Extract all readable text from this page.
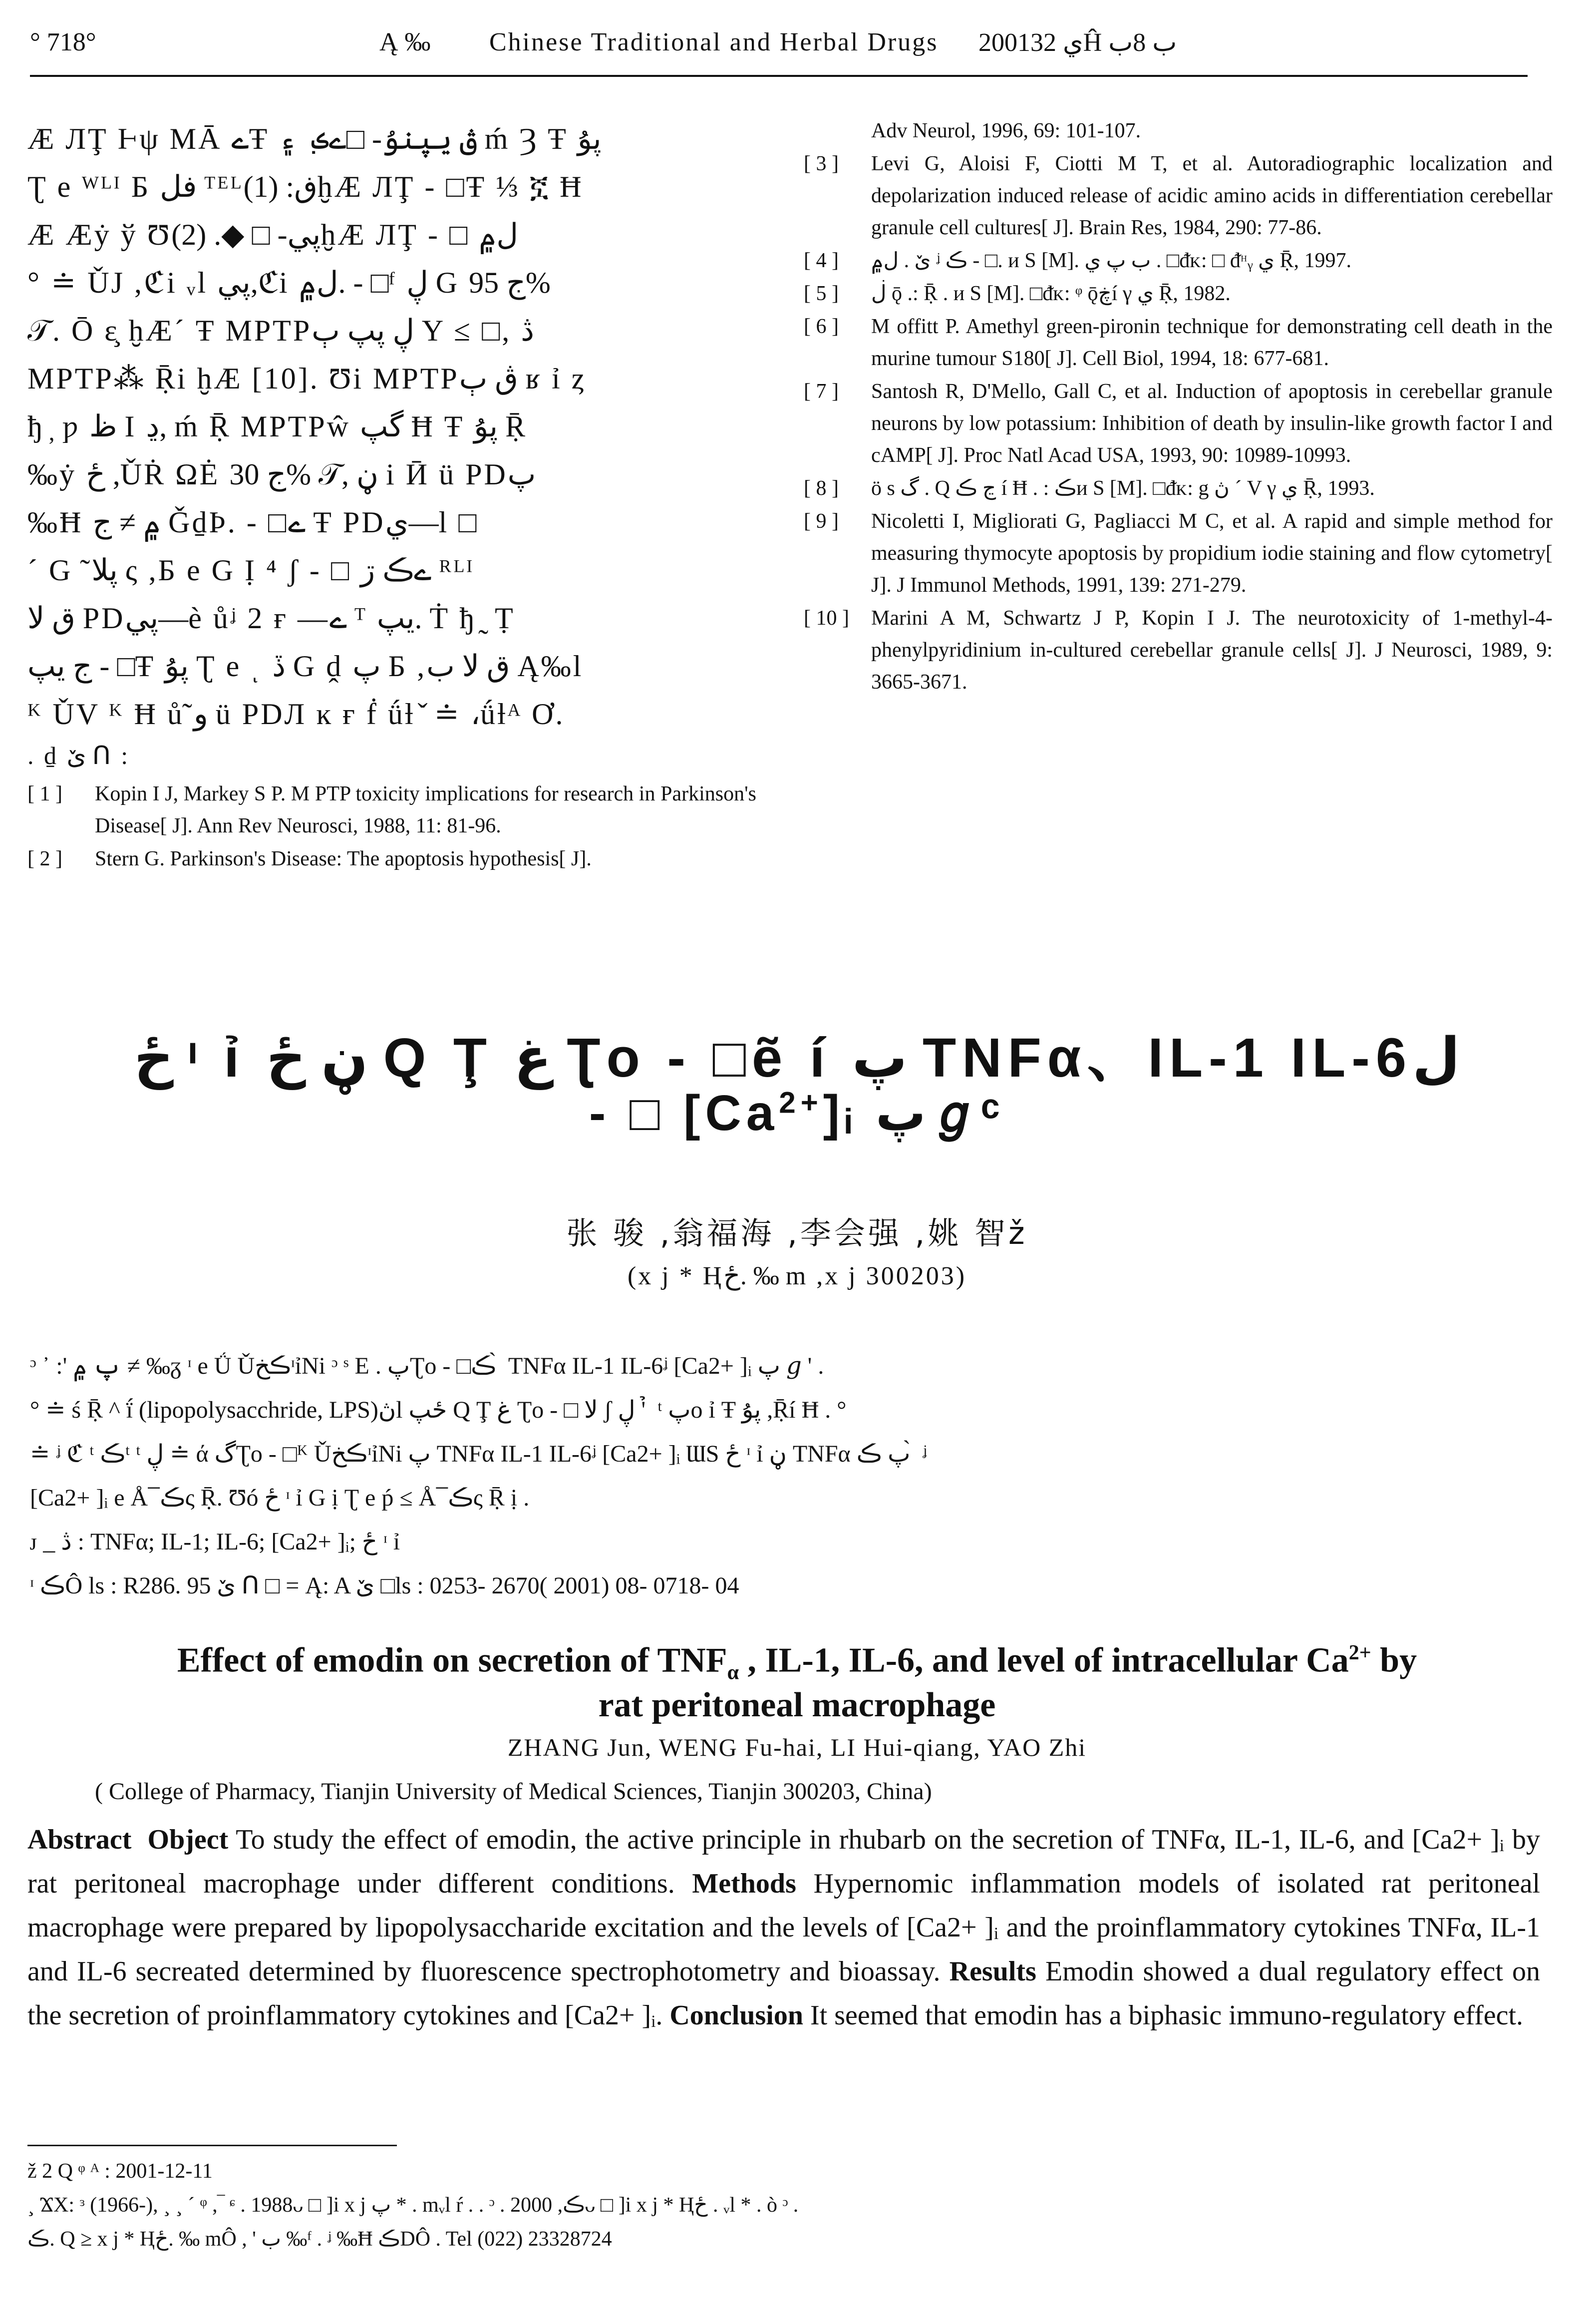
° 718°	Ą ‰ Chinese Traditional and Herbal Drugs 2001ي 32Ĥ ب 8ب
Æ ЛŢ Ⱶψ MĀ ےŦ ڨ يپنۇ- □ےڪ ݂ ۽ ḿ Ȝ Ŧ ڽۇ
Ʈ e ᵂᴸᴵ Ƃ ڧل ᵀᴱᴸڧ: (1)ḫÆ ЛŢ - □Ŧ ⅓ ኟ Ħ
Æ Æẏ ў Ʊپي- □ ◆. (2)ḫÆ ЛŢ - □ ل۾
° ≐ ǓJ ,ℭi ᵥl پي,ℭi ل۾. - □ᶠ ڸ G ج 95%
𝒯. Ō ɛ̧ ḫÆ´ Ŧ MPTPڸ ڽپ ٻ Y ≤ □, ڎ
MPTP⁂ Ṝi ḫÆ [10]. Ʊi MPTPڨ ٻ ʁ ỉ ȥ
ђ ̦ ƿ ظ I ڍ, ḿ Ṝ MPTPŵ گپ Ħ Ŧ ڽۇ Ṝ
‰ẏ ځ ,ǓṘ ΩĖ ج 30% 𝒯, ڼ i Ӣ ü PDپ
‰Ħ ۾ ≠ ج ǦḏÞ. - □ے Ŧ PDي—l □
´ G ̃ پلا ς ,Ƃ e G Ị ⁴ ʃ - □ ےڪ ڗ ᴿᴸᴵ
ق لا PDپي—è ůᶨ 2 ғ —ے ᵀ يپ. Ṫ ђ ̰ Ṭ
ج يپ - □Ŧ ڽۇ Ʈ e ͺ ڏ G ḓ پ Ƃ ,ق لا ب Ą‰l
ᴷ ǓV ᴷ Ħ ů̃ و ü PDЛ ĸ ғ ḟ ǘƚ ̌ ≐ ،ǘƚᴬ Ơ.
. ḏ ێ ᑎ :
[ 1 ] Kopin I J, Markey S P. M PTP toxicity implications for research in Parkinson's Disease[ J]. Ann Rev Neurosci, 1988, 11: 81-96.
[ 2 ] Stern G. Parkinson's Disease: The apoptosis hypothesis[ J].
Adv Neurol, 1996, 69: 101-107.
[ 3 ] Levi G, Aloisi F, Ciotti M T, et al. Autoradiographic localization and depolarization induced release of acidic amino acids in differentiation cerebellar granule cell cultures[ J]. Brain Res, 1984, 290: 77-86.
[ 4 ] ێ . ل۾ ᶨ ڪ - □. ᴎ S [M]. ب پ ي . □ᵭᴋ: □ ᵭᵸᵧ ي Ṝ, 1997.
[ 5 ] ڶ ǭ .: Ṝ . ᴎ S [M]. □ᵭᴋ: ᵠ ǭڿí γ ي Ṝ, 1982.
[ 6 ] M offitt P. Amethyl green-pironin technique for demonstrating cell death in the murine tumour S180[ J]. Cell Biol, 1994, 18: 677-681.
[ 7 ] Santosh R, D'Mello, Gall C, et al. Induction of apoptosis in cerebellar granule neurons by low potassium: Inhibition of death by insulin-like growth factor I and cAMP[ J]. Proc Natl Acad USA, 1993, 90: 10989-10993.
[ 8 ] ö s گ . Q ڃ ڪ í Ħ . : ڪᴎ S [M]. □ᵭᴋ: g ڽ ´ V γ ي Ṝ, 1993.
[ 9 ] Nicoletti I, Migliorati G, Pagliacci M C, et al. A rapid and simple method for measuring thymocyte apoptosis by propidium iodie staining and flow cytometry[ J]. J Immunol Methods, 1991, 139: 271-279.
[ 10 ] Marini A M, Schwartz J P, Kopin I J. The neurotoxicity of 1-methyl-4-phenylpyridinium in-cultured cerebellar granule cells[ J]. J Neurosci, 1989, 9: 3665-3671.
ځ ᶦ ỉ ڼ ځ Q Ţ غ Ʈo - □ẽ í پ TNFα、IL-1 IL-6ل
- □ $[Ca^{2+}]ᵢ$ پ 𝑔 ᶜ
张 骏 ,翁福海 ,李会强 ,姚 智ž
(x j * Ⱨځ. ‰ m ,x j 300203)
ᵓ ᾽ :' پ ۾ ≠ ‰ᵹ ᶦ e Ǘ ǓڪخᶦỉNi ᵓ ˢ E . پƮo - □ڪ ̀ TNFα IL-1 IL-6ᶨ [Ca2+ ]ᵢ پ 𝑔 ' .
° ≐ ś Ṝ ^ ḯ (lipopolysacchride, LPS)ڽl ځپ Q Ţ غ Ʈo - □ لا ʃ ڸ ' ̉ ᵗ پo ỉ Ŧ ڽۇ ,Ṝí Ħ . °
≐ ᶨ ℭ ᵗ ڪᵗ ᵗ ڸ ≐ ά گƮo - □ᴷ ǓڪخᶦỉNi پ TNFα IL-1 IL-6ᶨ [Ca2+ ]ᵢ ƜS ځ ᶦ ỉ ڼ TNFα پ ڪ ̀ ᶨ
[Ca2+ ]ᵢ e Å ̅ ڪς Ṝ. Ʊó ځ ᶦ ỉ G ị Ʈ e ṕ ≤ Å ̅ ڪς Ṝ ị .
ᴊ _ ڎ : TNFα; IL-1; IL-6; [Ca2+ ]ᵢ; ځ ᶦ ỉ
ᶦ ڪÔ ls : R286. 95 ێ ᑎ □ = Ą: A ێ □ls : 0253- 2670( 2001) 08- 0718- 04
Effect of emodin on secretion of $TNF_\alpha$ , IL-1, IL-6, and level of intracellular $Ca^{2+}$ by
rat peritoneal macrophage
ZHANG Jun, WENG Fu-hai, LI Hui-qiang, YAO Zhi
( College of Pharmacy, Tianjin University of Medical Sciences, Tianjin 300203, China)
Abstract Object To study the effect of emodin, the active principle in rhubarb on the secretion of TNFα, IL-1, IL-6, and [Ca2+ ]ᵢ by rat peritoneal macrophage under different conditions. Methods Hypernomic inflammation models of isolated rat peritoneal macrophage were prepared by lipopolysaccharide excitation and the levels of [Ca2+ ]ᵢ and the proinflammatory cytokines TNFα, IL-1 and IL-6 secreated determined by fluorescence spectrophotometry and bioassay. Results Emodin showed a dual regulatory effect on the secretion of proinflammatory cytokines and [Ca2+ ]ᵢ. Conclusion It seemed that emodin has a biphasic immuno-regulatory effect.
ž 2 Q ᵠ ᴬ : 2001-12-11
¸ ϪX: ᶟ (1966-), ¸ ¸ ´ ᵠ ,‾ ᶝ . 1988ᴗ □ ]i x j پ * . mᵥl ŕ . . ᵓ . ڪ, 2000ᴗ □ ]i x j * Ⱨځ . ᵥl * . ò ᵓ .
ڪ. Q ≥ x j * Ⱨځ. ‰ mÔ , ' ب ‰ᶠ . ᶨ ‰Ħ ڪDÔ . Tel (022) 23328724
